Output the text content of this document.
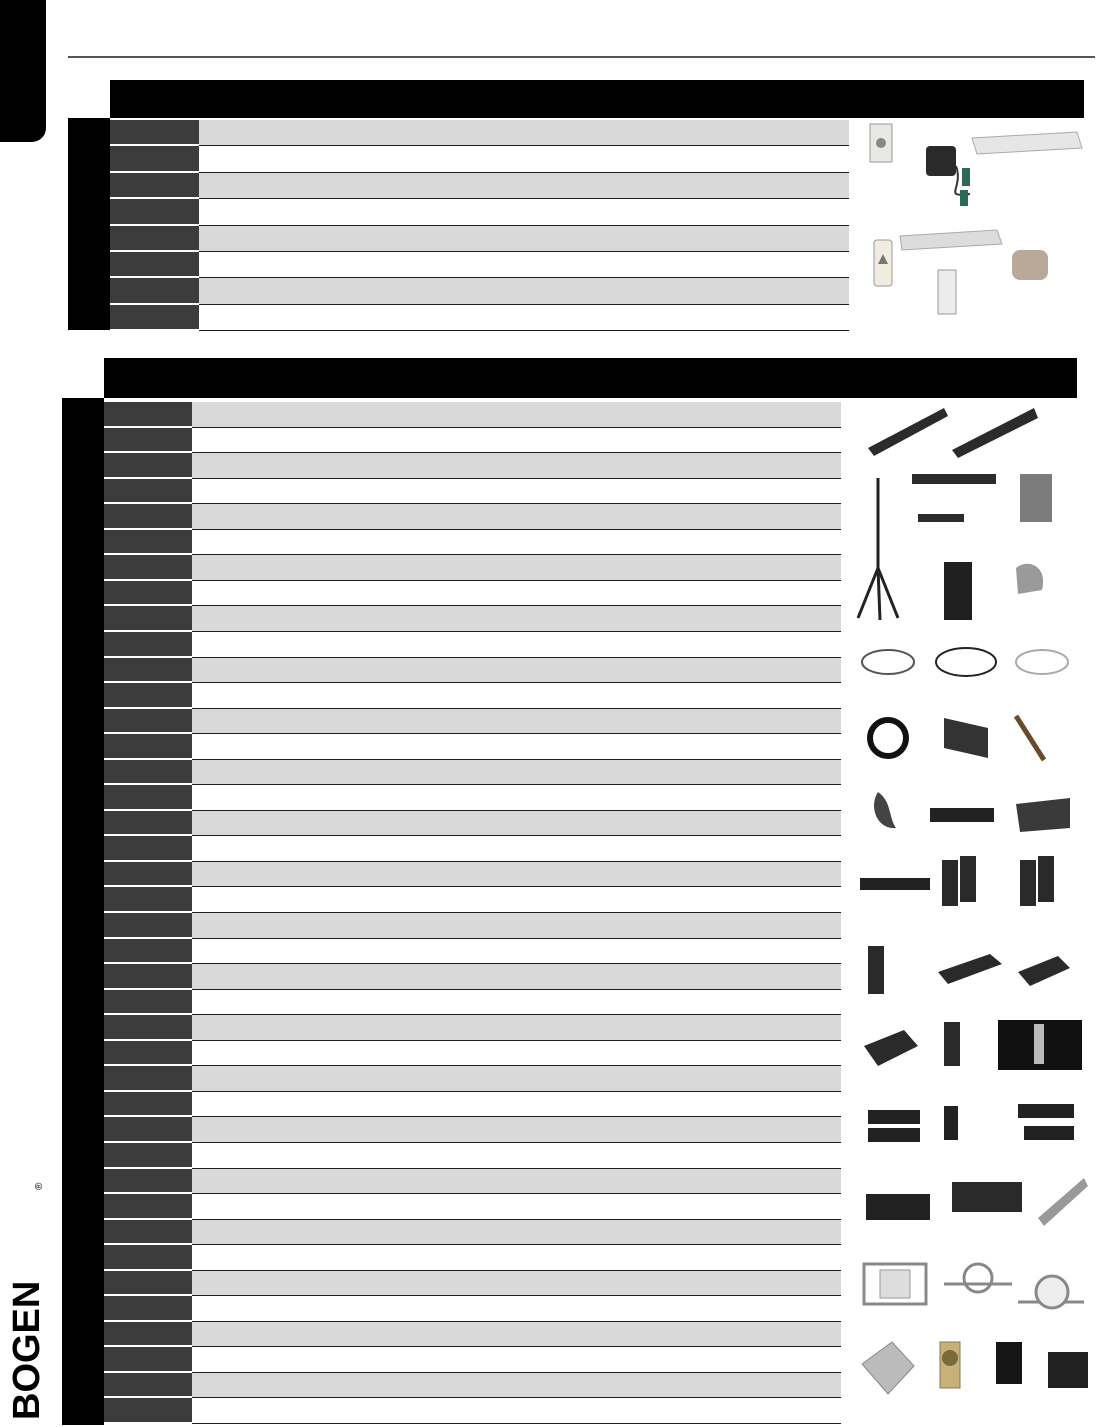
BOGEN
®
